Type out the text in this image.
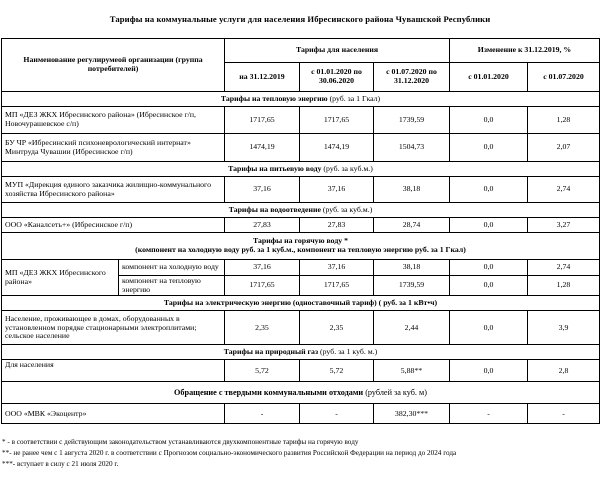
Тарифы на коммунальные услуги для населения Ибресинского района Чувашской Республики
Наименование регулирумеой организации (группа потребителей)		Тарифы для населения			Изменение к 31.12.2019, %	
		на 31.12.2019	с 01.01.2020 по 30.06.2020	с 01.07.2020 по 31.12.2020	с 01.01.2020	с 01.07.2020
Тарифы на тепловую энергию (руб. за 1 Гкал)						
МП «ДЕЗ ЖКХ Ибресинского района» (Ибресинское г/п, Новочурашевское с/п)		1717,65	1717,65	1739,59	0,0	1,28
БУ ЧР «Ибресинский психоневрологический интернат» Минтруда Чувашии (Ибресинское г/п)		1474,19	1474,19	1504,73	0,0	2,07
Тарифы на питьевую воду (руб. за куб.м.)						
МУП «Дирекция единого заказчика жилищно-коммунального хозяйства Ибресинского района»		37,16	37,16	38,18	0,0	2,74
Тарифы на водоотведение (руб. за куб.м.)						
ООО «Каналсеть+» (Ибресинское г/п)		27,83	27,83	28,74	0,0	3,27

Тарифы на горячую воду *
(компонент на холодную воду руб. за 1 куб.м., компонент на тепловую энергию руб. за 1 Гкал)						

МП «ДЕЗ ЖКХ Ибресинского района»	компонент на холодную воду	37,16	37,16	38,18	0,0	2,74
	компонент на тепловую энергию	1717,65	1717,65	1739,59	0,0	1,28
Тарифы на электрическую энергию (одноставочный тариф) ( руб. за 1 кВт•ч)						
Население, проживающее в домах, оборудованных в установленном порядке стационарными электроплитами; сельское население		2,35	2,35	2,44	0,0	3,9
Тарифы на природный газ (руб. за 1 куб. м.)						
Для населения		5,72	5,72	5,88**	0,0	2,8
Обращение с твердыми коммунальными отходами (рублей за куб. м)						
ООО «МВК «Экоцентр»		-	-	382,30***	-	-
* - в соответствии с действующим законодательством устанавливаются двухкомпонентные тарифы на горячую воду
**- не ранее чем с 1 августа 2020 г. в соответствии с Прогнозом социально-экономического развития Российской Федерации на период до 2024 года
***- вступает в силу с 21 июля 2020 г.
